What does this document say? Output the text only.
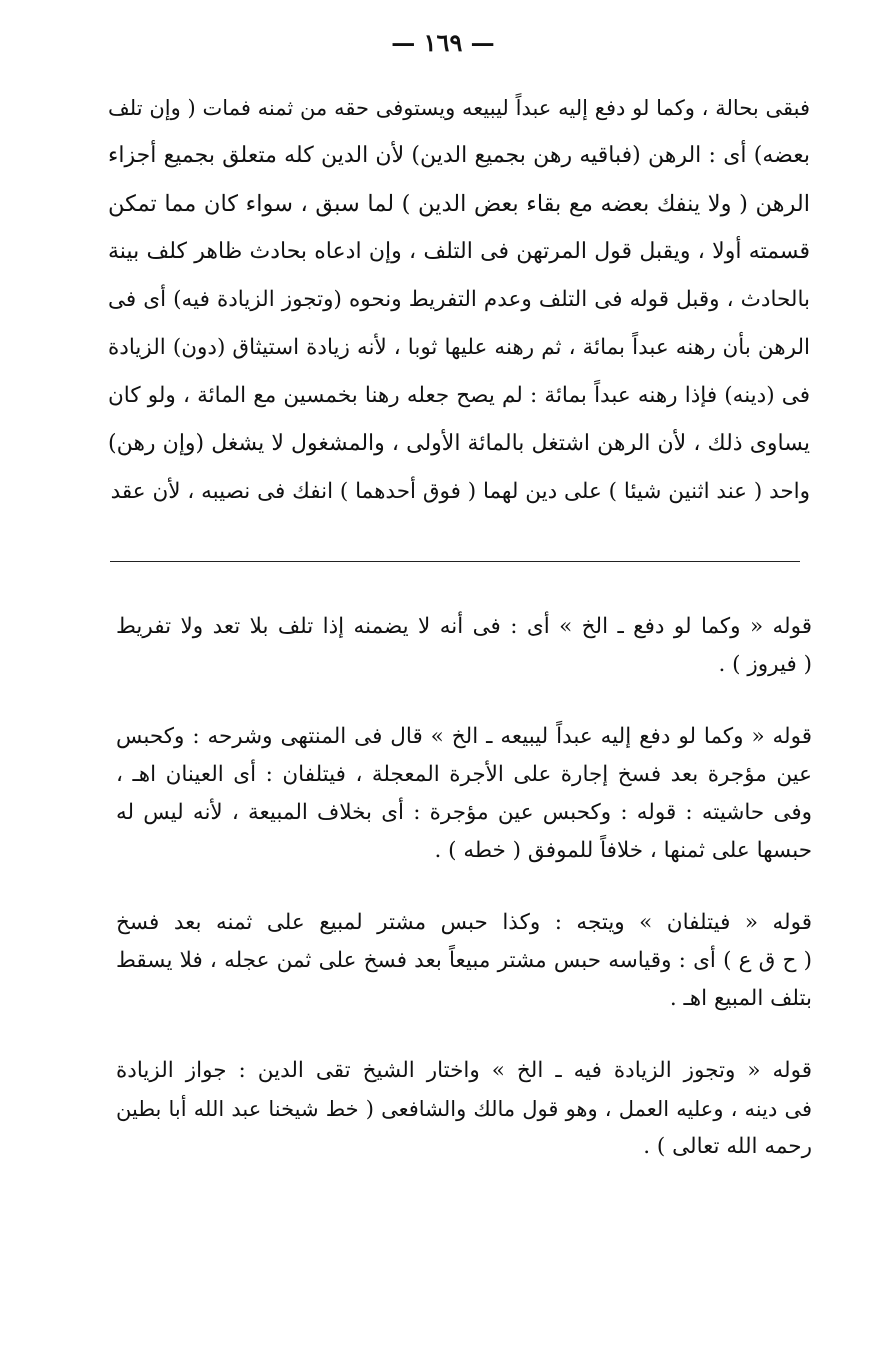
— ١٦٩ —
فبقى بحالة ، وكما لو دفع إليه عبداً ليبيعه ويستوفى حقه من ثمنه فمات ( وإن تلف
بعضه) أى : الرهن (فباقيه رهن بجميع الدين) لأن الدين كله متعلق بجميع أجزاء
الرهن ( ولا ينفك بعضه مع بقاء بعض الدين ) لما سبق ، سواء كان مما تمكن
قسمته أولا ، ويقبل قول المرتهن فى التلف ، وإن ادعاه بحادث ظاهر كلف بينة
بالحادث ، وقبل قوله فى التلف وعدم التفريط ونحوه (وتجوز الزيادة فيه) أى فى
الرهن بأن رهنه عبداً بمائة ، ثم رهنه عليها ثوبا ، لأنه زيادة استيثاق (دون) الزيادة
فى (دينه) فإذا رهنه عبداً بمائة : لم يصح جعله رهنا بخمسين مع المائة ، ولو كان
يساوى ذلك ، لأن الرهن اشتغل بالمائة الأولى ، والمشغول لا يشغل (وإن رهن)
واحد ( عند اثنين شيئا ) على دين لهما ( فوق أحدهما ) انفك فى نصيبه ، لأن عقد
قوله « وكما لو دفع ـ الخ » أى : فى أنه لا يضمنه إذا تلف بلا تعد ولا تفريط
( فيروز ) .
قوله « وكما لو دفع إليه عبداً ليبيعه ـ الخ » قال فى المنتهى وشرحه : وكحبس
عين مؤجرة بعد فسخ إجارة على الأجرة المعجلة ، فيتلفان : أى العينان اهـ ،
وفى حاشيته : قوله : وكحبس عين مؤجرة : أى بخلاف المبيعة ، لأنه ليس له
حبسها على ثمنها ، خلافاً للموفق ( خطه ) .
قوله « فيتلفان » ويتجه : وكذا حبس مشتر لمبيع على ثمنه بعد فسخ
( ح ق ع ) أى : وقياسه حبس مشتر مبيعاً بعد فسخ على ثمن عجله ، فلا يسقط
بتلف المبيع اهـ .
قوله « وتجوز الزيادة فيه ـ الخ » واختار الشيخ تقى الدين : جواز الزيادة
فى دينه ، وعليه العمل ، وهو قول مالك والشافعى ( خط شيخنا عبد الله أبا بطين
رحمه الله تعالى ) .
